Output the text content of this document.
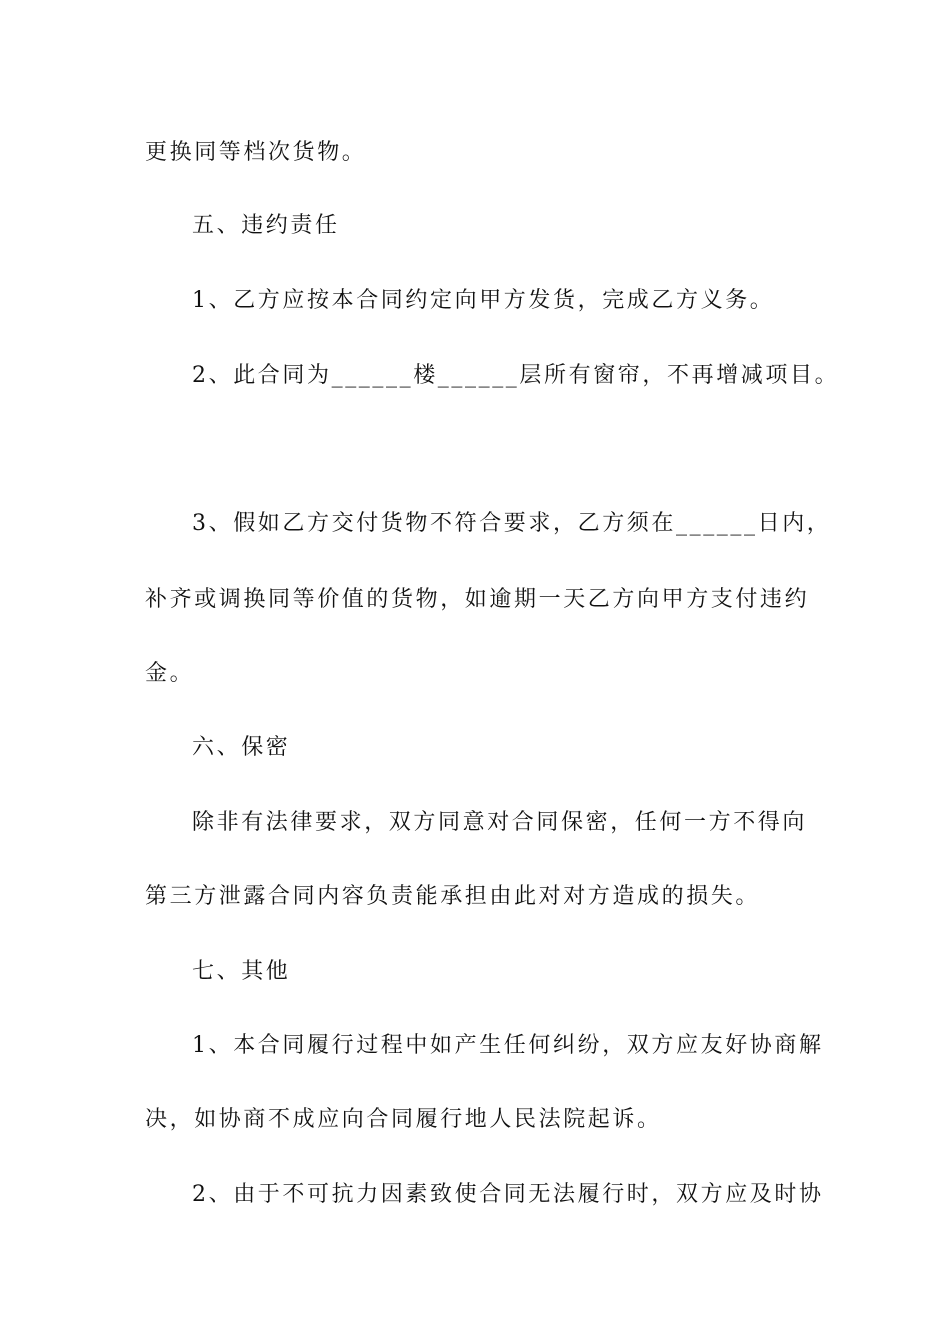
更换同等档次货物。
五、违约责任
1、乙方应按本合同约定向甲方发货，完成乙方义务。
2、此合同为______楼______层所有窗帘，不再增减项目。
3、假如乙方交付货物不符合要求，乙方须在______日内，
补齐或调换同等价值的货物，如逾期一天乙方向甲方支付违约
金。
六、保密
除非有法律要求，双方同意对合同保密，任何一方不得向
第三方泄露合同内容负责能承担由此对对方造成的损失。
七、其他
1、本合同履行过程中如产生任何纠纷，双方应友好协商解
决，如协商不成应向合同履行地人民法院起诉。
2、由于不可抗力因素致使合同无法履行时，双方应及时协
